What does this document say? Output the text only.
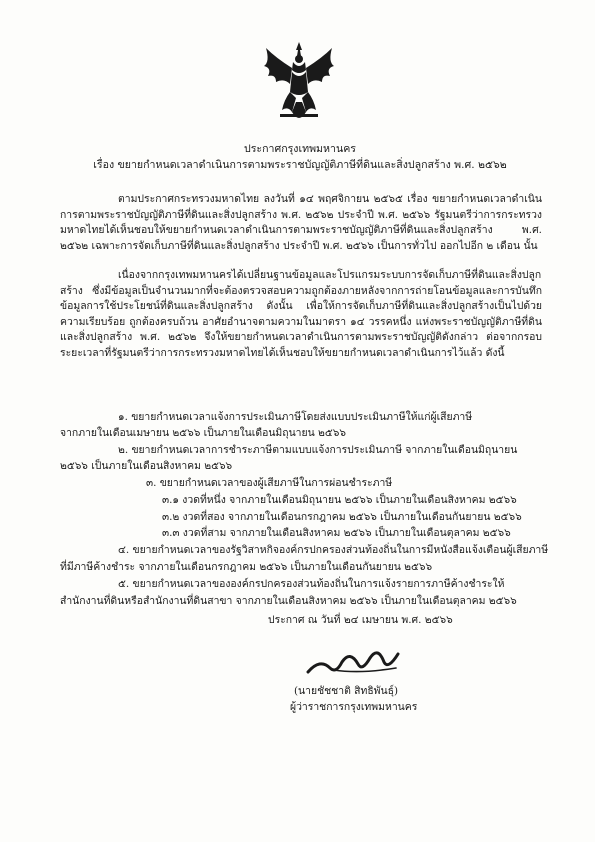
ประกาศกรุงเทพมหานคร
เรื่อง ขยายกำหนดเวลาดำเนินการตามพระราชบัญญัติภาษีที่ดินและสิ่งปลูกสร้าง พ.ศ. ๒๕๖๒
ตามประกาศกระทรวงมหาดไทย ลงวันที่ ๑๔ พฤศจิกายน ๒๕๖๕ เรื่อง ขยายกำหนดเวลาดำเนินการตามพระราชบัญญัติภาษีที่ดินและสิ่งปลูกสร้าง พ.ศ. ๒๕๖๒ ประจำปี พ.ศ. ๒๕๖๖ รัฐมนตรีว่าการกระทรวงมหาดไทยได้เห็นชอบให้ขยายกำหนดเวลาดำเนินการตามพระราชบัญญัติภาษีที่ดินและสิ่งปลูกสร้าง พ.ศ. ๒๕๖๒ เฉพาะการจัดเก็บภาษีที่ดินและสิ่งปลูกสร้าง ประจำปี พ.ศ. ๒๕๖๖ เป็นการทั่วไป ออกไปอีก ๒ เดือน นั้น
เนื่องจากกรุงเทพมหานครได้เปลี่ยนฐานข้อมูลและโปรแกรมระบบการจัดเก็บภาษีที่ดินและสิ่งปลูกสร้าง ซึ่งมีข้อมูลเป็นจำนวนมากที่จะต้องตรวจสอบความถูกต้องภายหลังจากการถ่ายโอนข้อมูลและการบันทึกข้อมูลการใช้ประโยชน์ที่ดินและสิ่งปลูกสร้าง ดังนั้น เพื่อให้การจัดเก็บภาษีที่ดินและสิ่งปลูกสร้างเป็นไปด้วยความเรียบร้อย ถูกต้องครบถ้วน อาศัยอำนาจตามความในมาตรา ๑๔ วรรคหนึ่ง แห่งพระราชบัญญัติภาษีที่ดินและสิ่งปลูกสร้าง พ.ศ. ๒๕๖๒ จึงให้ขยายกำหนดเวลาดำเนินการตามพระราชบัญญัติดังกล่าว ต่อจากกรอบระยะเวลาที่รัฐมนตรีว่าการกระทรวงมหาดไทยได้เห็นชอบให้ขยายกำหนดเวลาดำเนินการไว้แล้ว ดังนี้
๑. ขยายกำหนดเวลาแจ้งการประเมินภาษีโดยส่งแบบประเมินภาษีให้แก่ผู้เสียภาษี
จากภายในเดือนเมษายน ๒๕๖๖ เป็นภายในเดือนมิถุนายน ๒๕๖๖
๒. ขยายกำหนดเวลาการชำระภาษีตามแบบแจ้งการประเมินภาษี จากภายในเดือนมิถุนายน
๒๕๖๖ เป็นภายในเดือนสิงหาคม ๒๕๖๖
๓. ขยายกำหนดเวลาของผู้เสียภาษีในการผ่อนชำระภาษี
๓.๑ งวดที่หนึ่ง จากภายในเดือนมิถุนายน ๒๕๖๖ เป็นภายในเดือนสิงหาคม ๒๕๖๖
๓.๒ งวดที่สอง จากภายในเดือนกรกฎาคม ๒๕๖๖ เป็นภายในเดือนกันยายน ๒๕๖๖
๓.๓ งวดที่สาม จากภายในเดือนสิงหาคม ๒๕๖๖ เป็นภายในเดือนตุลาคม ๒๕๖๖
๔. ขยายกำหนดเวลาของรัฐวิสาหกิจองค์กรปกครองส่วนท้องถิ่นในการมีหนังสือแจ้งเตือนผู้เสียภาษี
ที่มีภาษีค้างชำระ จากภายในเดือนกรกฎาคม ๒๕๖๖ เป็นภายในเดือนกันยายน ๒๕๖๖
๕. ขยายกำหนดเวลาขององค์กรปกครองส่วนท้องถิ่นในการแจ้งรายการภาษีค้างชำระให้
สำนักงานที่ดินหรือสำนักงานที่ดินสาขา จากภายในเดือนสิงหาคม ๒๕๖๖ เป็นภายในเดือนตุลาคม ๒๕๖๖
ประกาศ ณ วันที่ ๒๔ เมษายน พ.ศ. ๒๕๖๖
(นายชัชชาติ สิทธิพันธุ์)
ผู้ว่าราชการกรุงเทพมหานคร
